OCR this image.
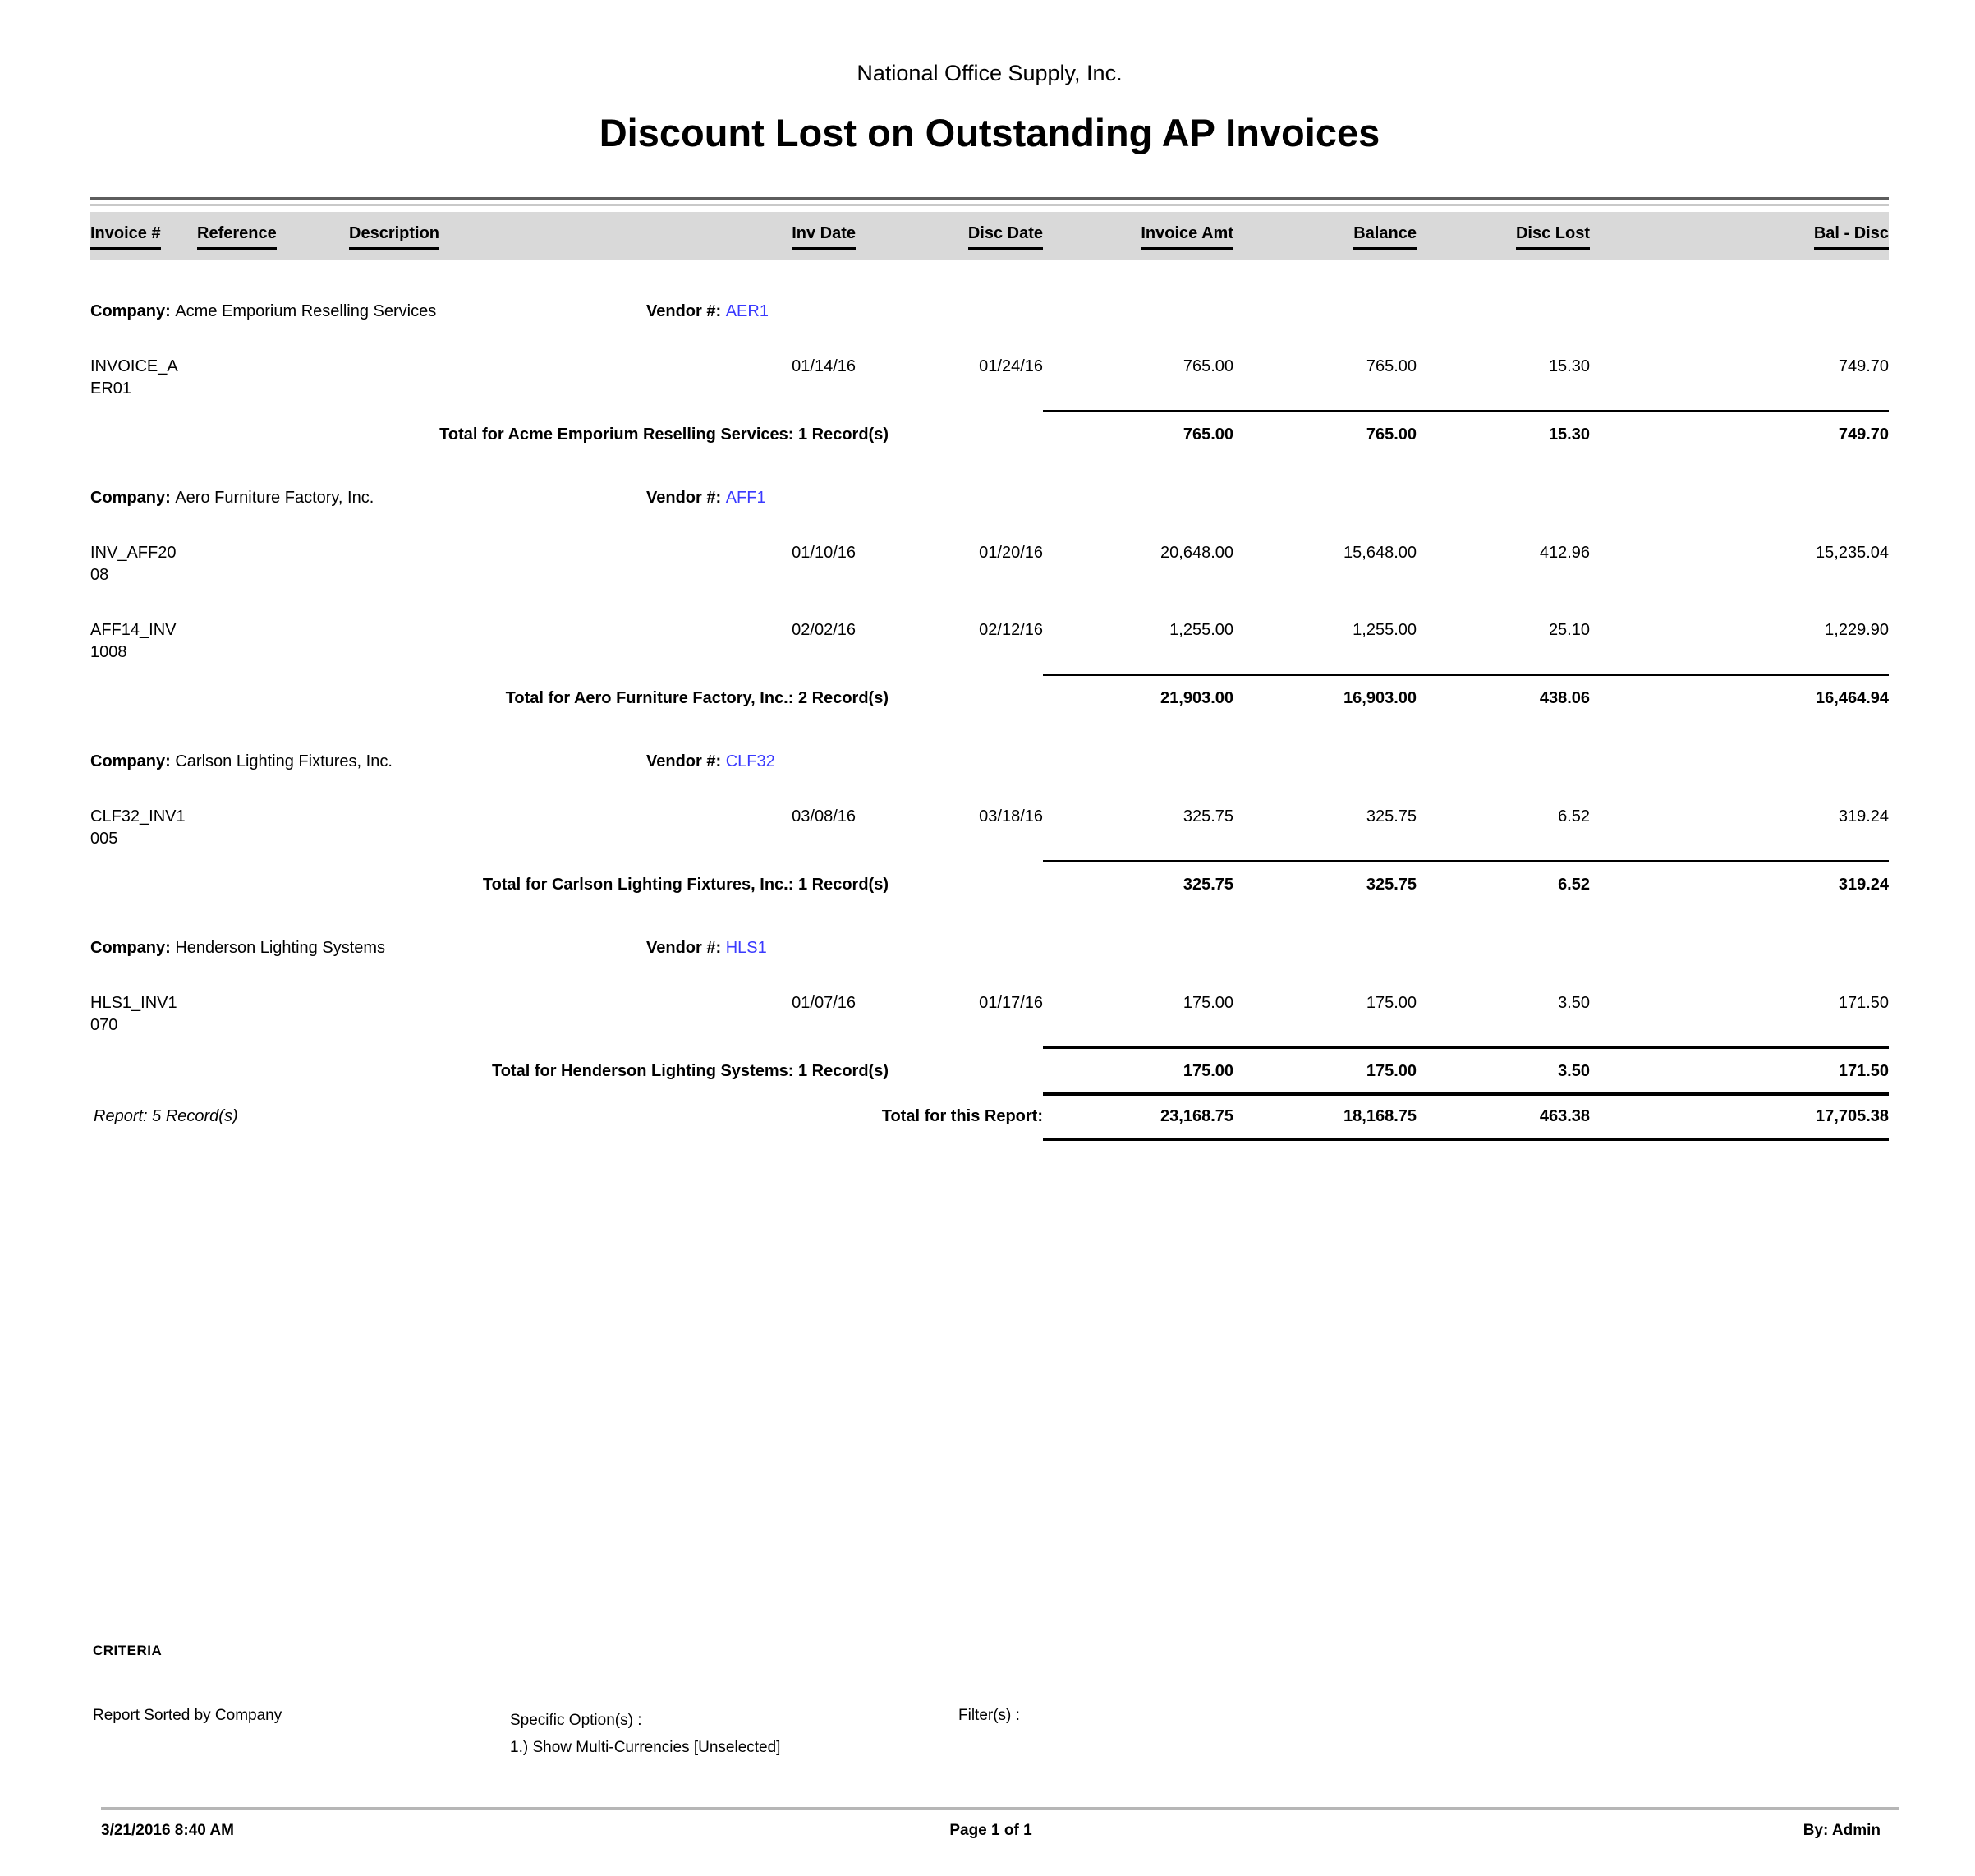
National Office Supply, Inc.
Discount Lost on Outstanding AP Invoices
Invoice #	Reference	Description	Inv Date	Disc Date	Invoice Amt	Balance	Disc Lost	Bal - Disc
Company: Acme Emporium Reselling Services	Vendor #: AER1
INVOICE_A
ER01
01/14/16	01/24/16	765.00	765.00	15.30	749.70
Total for Acme Emporium Reselling Services: 1 Record(s)	765.00	765.00	15.30	749.70
Company: Aero Furniture Factory, Inc.	Vendor #: AFF1
INV_AFF20
08
01/10/16	01/20/16	20,648.00	15,648.00	412.96	15,235.04
AFF14_INV
1008
02/02/16	02/12/16	1,255.00	1,255.00	25.10	1,229.90
Total for Aero Furniture Factory, Inc.: 2 Record(s)	21,903.00	16,903.00	438.06	16,464.94
Company: Carlson Lighting Fixtures, Inc.	Vendor #: CLF32
CLF32_INV1
005
03/08/16	03/18/16	325.75	325.75	6.52	319.24
Total for Carlson Lighting Fixtures, Inc.: 1 Record(s)	325.75	325.75	6.52	319.24
Company: Henderson Lighting Systems	Vendor #: HLS1
HLS1_INV1
070
01/07/16	01/17/16	175.00	175.00	3.50	171.50
Total for Henderson Lighting Systems: 1 Record(s)	175.00	175.00	3.50	171.50
Report: 5 Record(s)	Total for this Report:	23,168.75	18,168.75	463.38	17,705.38
CRITERIA
Report Sorted by Company	Specific Option(s) :
1.) Show Multi-Currencies [Unselected]
Filter(s) :
Page 1 of 1
3/21/2016 8:40 AM	By: Admin
